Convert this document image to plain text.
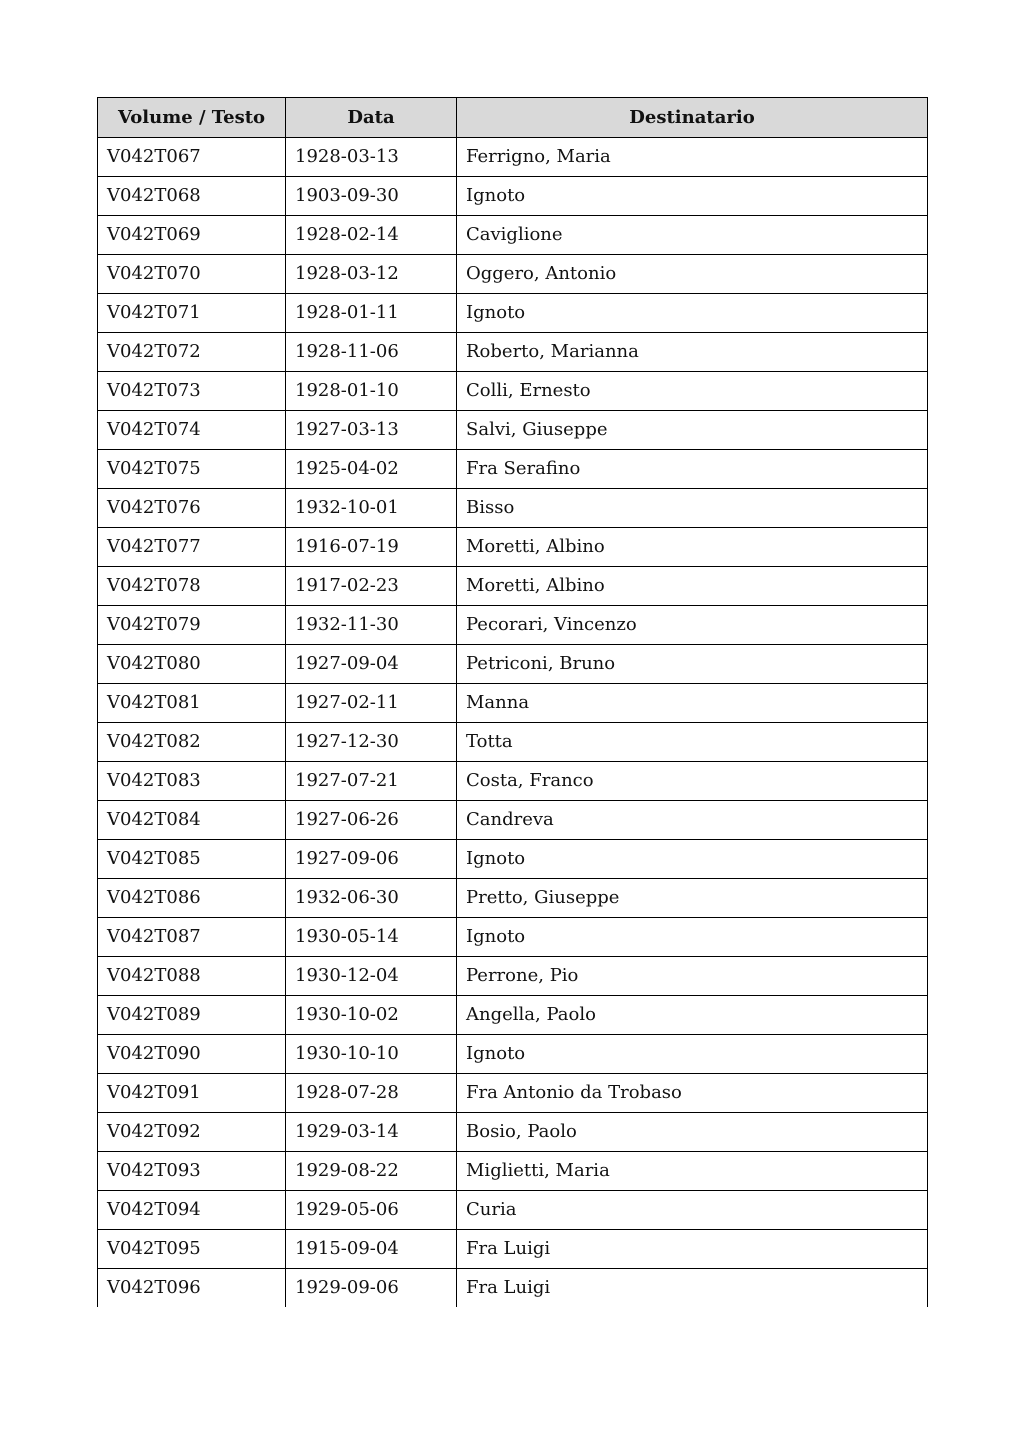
Volume / Testo	Data	Destinatario
V042T067	1928-03-13	Ferrigno, Maria
V042T068	1903-09-30	Ignoto
V042T069	1928-02-14	Caviglione
V042T070	1928-03-12	Oggero, Antonio
V042T071	1928-01-11	Ignoto
V042T072	1928-11-06	Roberto, Marianna
V042T073	1928-01-10	Colli, Ernesto
V042T074	1927-03-13	Salvi, Giuseppe
V042T075	1925-04-02	Fra Serafino
V042T076	1932-10-01	Bisso
V042T077	1916-07-19	Moretti, Albino
V042T078	1917-02-23	Moretti, Albino
V042T079	1932-11-30	Pecorari, Vincenzo
V042T080	1927-09-04	Petriconi, Bruno
V042T081	1927-02-11	Manna
V042T082	1927-12-30	Totta
V042T083	1927-07-21	Costa, Franco
V042T084	1927-06-26	Candreva
V042T085	1927-09-06	Ignoto
V042T086	1932-06-30	Pretto, Giuseppe
V042T087	1930-05-14	Ignoto
V042T088	1930-12-04	Perrone, Pio
V042T089	1930-10-02	Angella, Paolo
V042T090	1930-10-10	Ignoto
V042T091	1928-07-28	Fra Antonio da Trobaso
V042T092	1929-03-14	Bosio, Paolo
V042T093	1929-08-22	Miglietti, Maria
V042T094	1929-05-06	Curia
V042T095	1915-09-04	Fra Luigi
V042T096	1929-09-06	Fra Luigi
